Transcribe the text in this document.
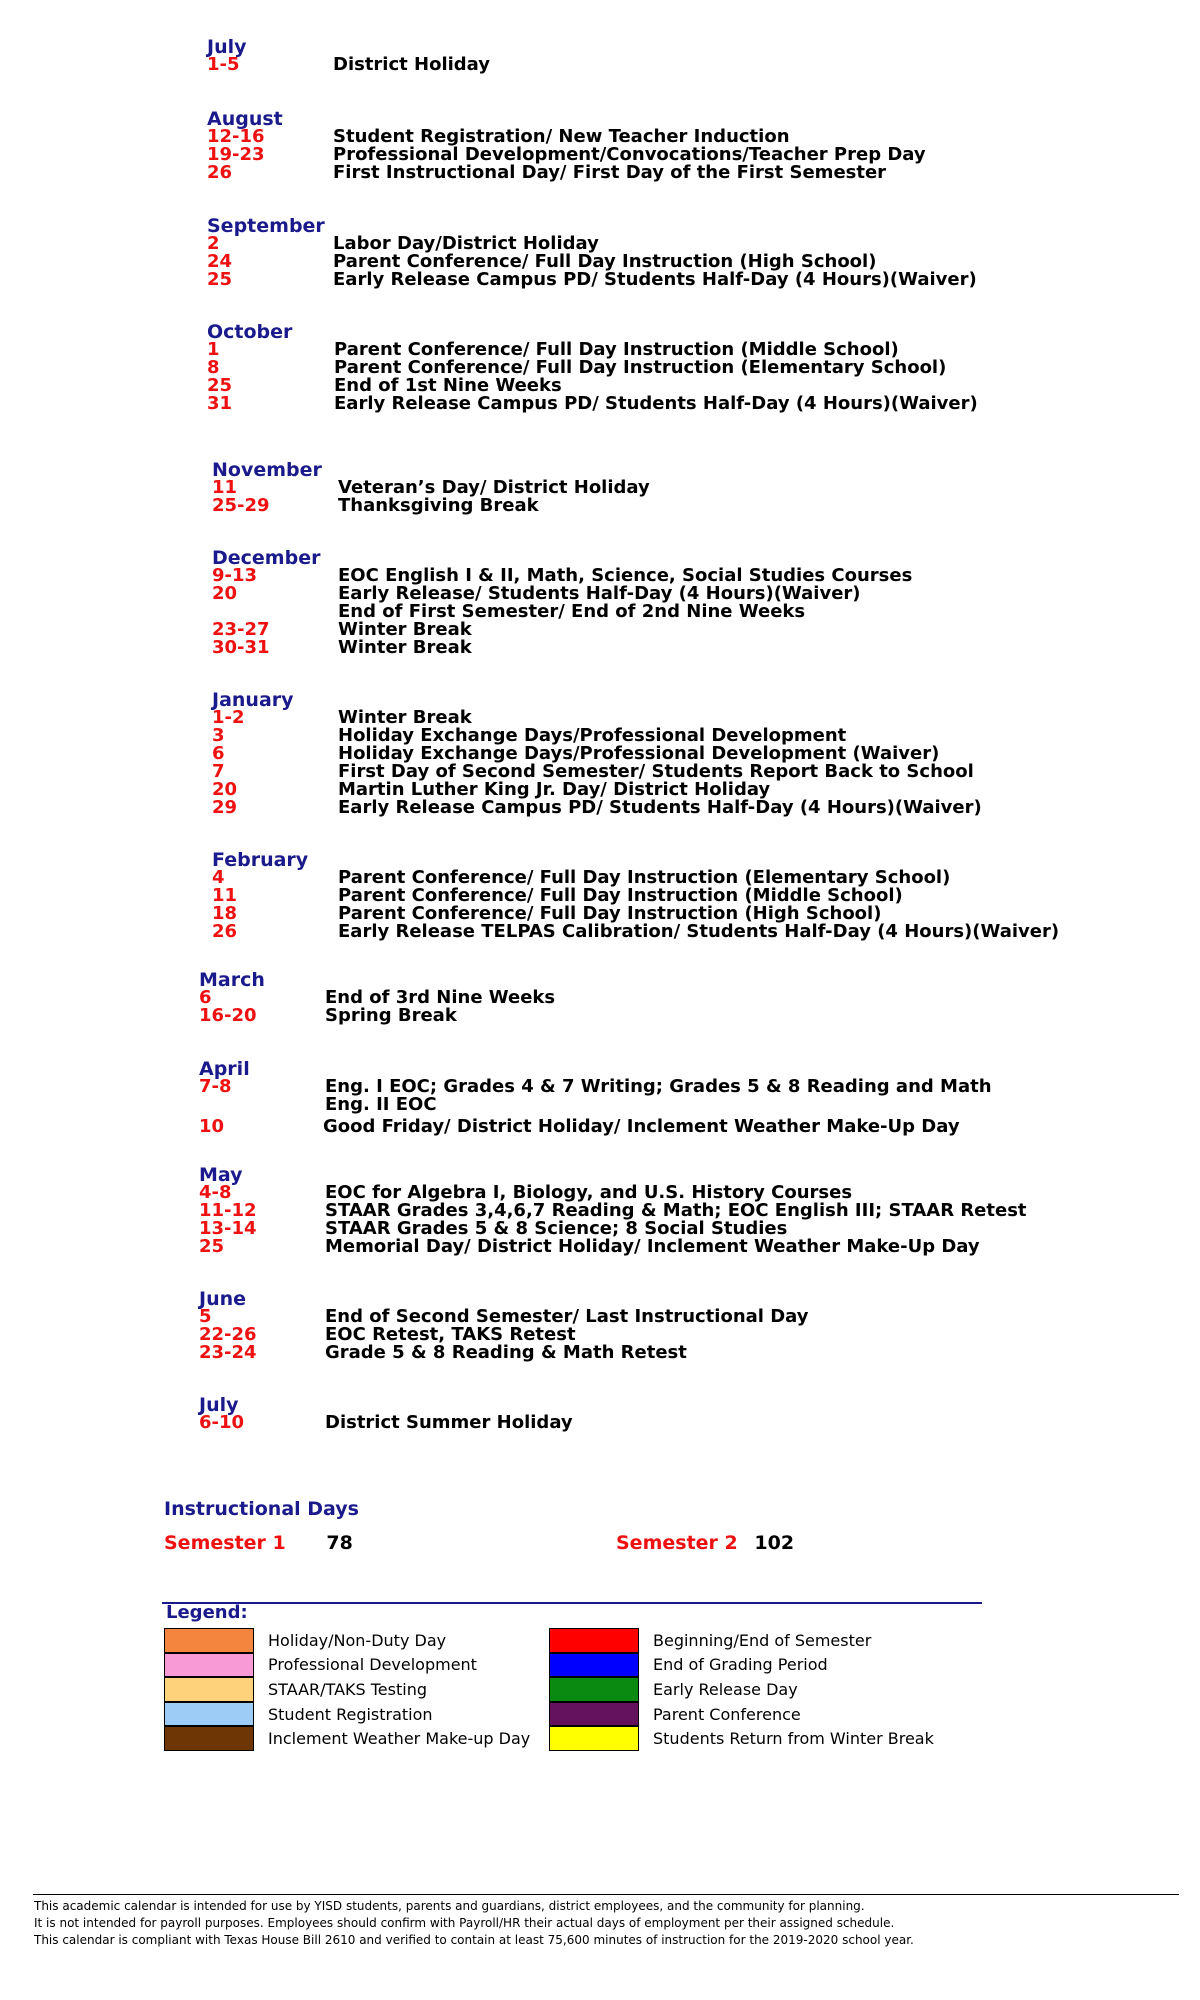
July
1-5	District Holiday
August
12-16	Student Registration/ New Teacher Induction
19-23	Professional Development/Convocations/Teacher Prep Day
26	First Instructional Day/ First Day of the First Semester
September
2	Labor Day/District Holiday
24	Parent Conference/ Full Day Instruction (High School)
25	Early Release Campus PD/ Students Half-Day (4 Hours)(Waiver)
October
1	Parent Conference/ Full Day Instruction (Middle School)
8	Parent Conference/ Full Day Instruction (Elementary School)
25	End of 1st Nine Weeks
31	Early Release Campus PD/ Students Half-Day (4 Hours)(Waiver)
November
11	Veteran’s Day/ District Holiday
25-29	Thanksgiving Break
December
9-13	EOC English I & II, Math, Science, Social Studies Courses
20	Early Release/ Students Half-Day (4 Hours)(Waiver)
End of First Semester/ End of 2nd Nine Weeks
23-27	Winter Break
30-31	Winter Break
January
1-2	Winter Break
3	Holiday Exchange Days/Professional Development
6	Holiday Exchange Days/Professional Development (Waiver)
7	First Day of Second Semester/ Students Report Back to School
20	Martin Luther King Jr. Day/ District Holiday
29	Early Release Campus PD/ Students Half-Day (4 Hours)(Waiver)
February
4	Parent Conference/ Full Day Instruction (Elementary School)
11	Parent Conference/ Full Day Instruction (Middle School)
18	Parent Conference/ Full Day Instruction (High School)
26	Early Release TELPAS Calibration/ Students Half-Day (4 Hours)(Waiver)
March
6	End of 3rd Nine Weeks
16-20	Spring Break
April
7-8	Eng. I EOC; Grades 4 & 7 Writing; Grades 5 & 8 Reading and Math
Eng. II EOC
10	Good Friday/ District Holiday/ Inclement Weather Make-Up Day
May
4-8	EOC for Algebra I, Biology, and U.S. History Courses
11-12	STAAR Grades 3,4,6,7 Reading & Math; EOC English III; STAAR Retest
13-14	STAAR Grades 5 & 8 Science; 8 Social Studies
25	Memorial Day/ District Holiday/ Inclement Weather Make-Up Day
June
5	End of Second Semester/ Last Instructional Day
22-26	EOC Retest, TAKS Retest
23-24	Grade 5 & 8 Reading & Math Retest
July
6-10	District Summer Holiday
Instructional Days
Semester 1 78	Semester 2 102
Legend:
Holiday/Non-Duty Day
Professional Development
STAAR/TAKS Testing
Student Registration
Inclement Weather Make-up Day
Beginning/End of Semester
End of Grading Period
Early Release Day
Parent Conference
Students Return from Winter Break
This academic calendar is intended for use by YISD students, parents and guardians, district employees, and the community for planning.
It is not intended for payroll purposes. Employees should confirm with Payroll/HR their actual days of employment per their assigned schedule.
This calendar is compliant with Texas House Bill 2610 and verified to contain at least 75,600 minutes of instruction for the 2019-2020 school year.
